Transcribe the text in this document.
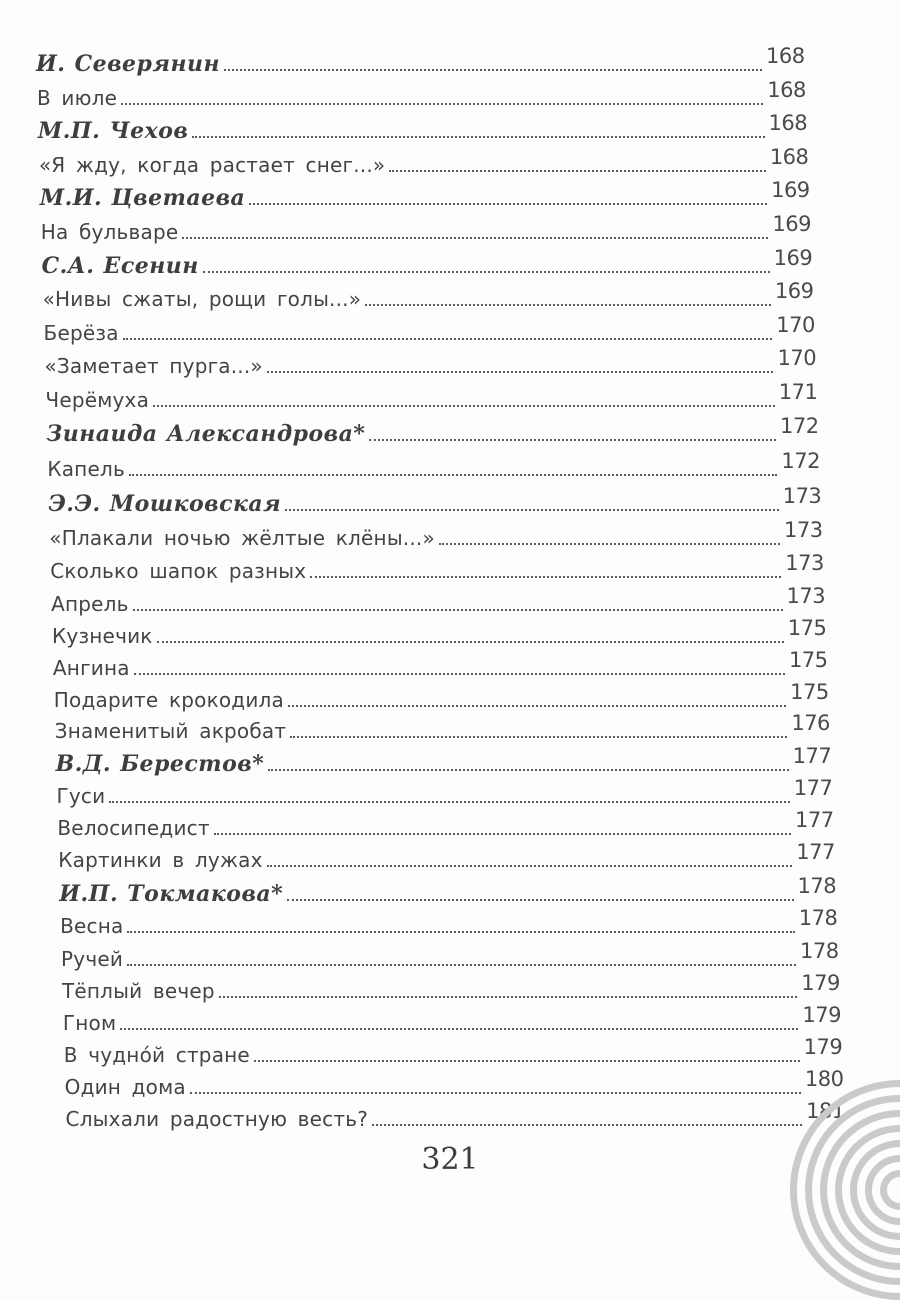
И. Северянин	168
В июле	168
М.П. Чехов	168
«Я жду, когда растает снег...»	168
М.И. Цветаева	169
На бульваре	169
С.А. Есенин	169
«Нивы сжаты, рощи голы...»	169
Берёза	170
«Заметает пурга...»	170
Черёмуха	171
Зинаида Александрова*	172
Капель	172
Э.Э. Мошковская	173
«Плакали ночью жёлтые клёны...»	173
Сколько шапок разных	173
Апрель	173
Кузнечик	175
Ангина	175
Подарите крокодила	175
Знаменитый акробат	176
В.Д. Берестов*	177
Гуси	177
Велосипедист	177
Картинки в лужах	177
И.П. Токмакова*	178
Весна	178
Ручей	178
Тёплый вечер	179
Гном	179
В чудно́й стране	179
Один дома	180
Слыхали радостную весть?	181
321
